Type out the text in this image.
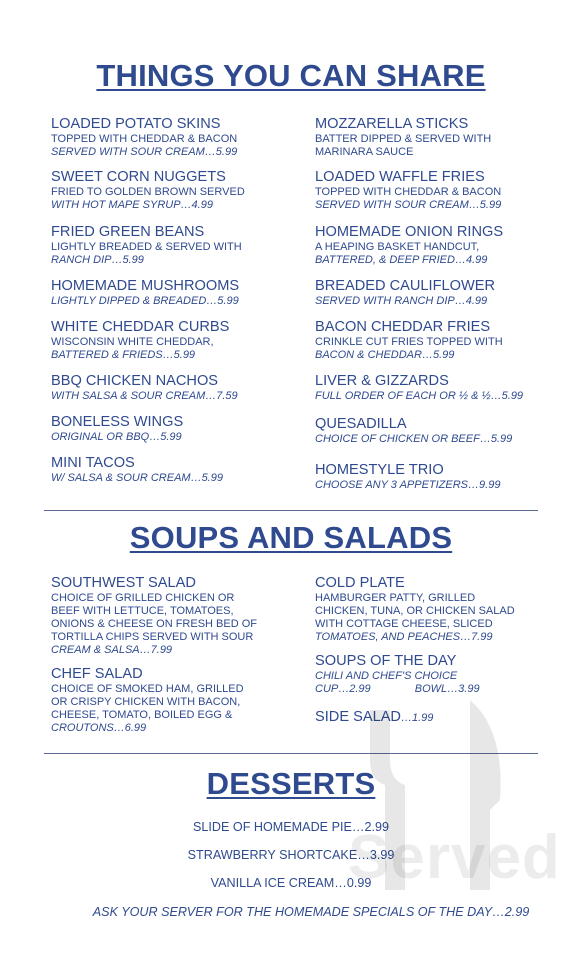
THINGS YOU CAN SHARE
LOADED POTATO SKINS
TOPPED WITH CHEDDAR & BACON
SERVED WITH SOUR CREAM…5.99
SWEET CORN NUGGETS
FRIED TO GOLDEN BROWN SERVED
WITH HOT MAPE SYRUP…4.99
FRIED GREEN BEANS
LIGHTLY BREADED & SERVED WITH
RANCH DIP…5.99
HOMEMADE MUSHROOMS
LIGHTLY DIPPED & BREADED…5.99
WHITE CHEDDAR CURBS
WISCONSIN WHITE CHEDDAR,
BATTERED & FRIEDS…5.99
BBQ CHICKEN NACHOS
WITH SALSA & SOUR CREAM…7.59
BONELESS WINGS
ORIGINAL OR BBQ…5.99
MINI TACOS
W/ SALSA & SOUR CREAM…5.99
MOZZARELLA STICKS
BATTER DIPPED & SERVED WITH
MARINARA SAUCE
LOADED WAFFLE FRIES
TOPPED WITH CHEDDAR & BACON
SERVED WITH SOUR CREAM…5.99
HOMEMADE ONION RINGS
A HEAPING BASKET HANDCUT,
BATTERED, & DEEP FRIED…4.99
BREADED CAULIFLOWER
SERVED WITH RANCH DIP…4.99
BACON CHEDDAR FRIES
CRINKLE CUT FRIES TOPPED WITH
BACON & CHEDDAR…5.99
LIVER & GIZZARDS
FULL ORDER OF EACH OR ½ & ½…5.99
QUESADILLA
CHOICE OF CHICKEN OR BEEF…5.99
HOMESTYLE TRIO
CHOOSE ANY 3 APPETIZERS…9.99
SOUPS AND SALADS
SOUTHWEST SALAD
CHOICE OF GRILLED CHICKEN OR
BEEF WITH LETTUCE, TOMATOES,
ONIONS & CHEESE ON FRESH BED OF
TORTILLA CHIPS SERVED WITH SOUR
CREAM & SALSA…7.99
CHEF SALAD
CHOICE OF SMOKED HAM, GRILLED
OR CRISPY CHICKEN WITH BACON,
CHEESE, TOMATO, BOILED EGG &
CROUTONS…6.99
COLD PLATE
HAMBURGER PATTY, GRILLED
CHICKEN, TUNA, OR CHICKEN SALAD
WITH COTTAGE CHEESE, SLICED
TOMATOES, AND PEACHES…7.99
SOUPS OF THE DAY
CHILI AND CHEF'S CHOICE
CUP…2.99	BOWL…3.99
SIDE SALAD…1.99
DESSERTS
SLIDE OF HOMEMADE PIE…2.99
STRAWBERRY SHORTCAKE…3.99
VANILLA ICE CREAM…0.99
ASK YOUR SERVER FOR THE HOMEMADE SPECIALS OF THE DAY…2.99
Served
